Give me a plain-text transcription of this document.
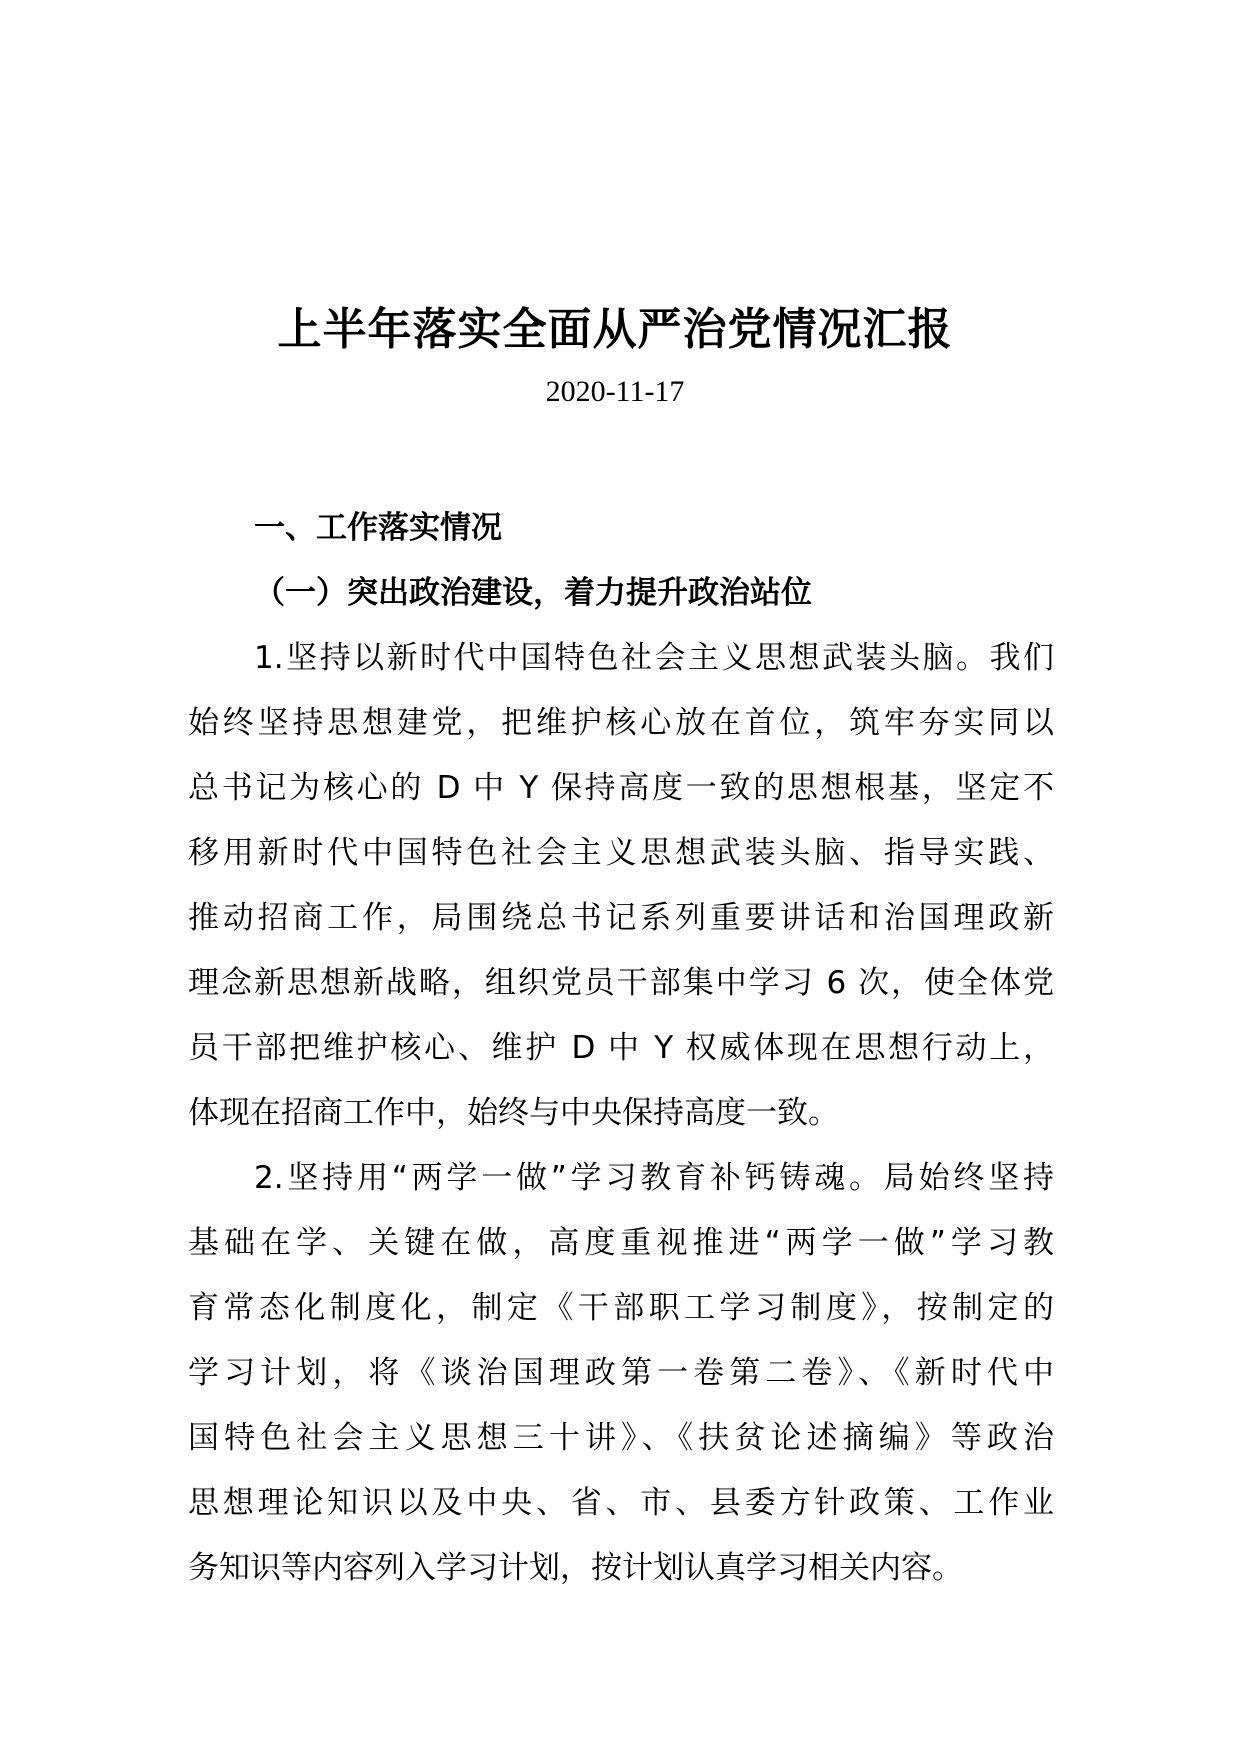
上半年落实全面从严治党情况汇报
2020-11-17
一、工作落实情况
（一）突出政治建设，着力提升政治站位

1.坚持以新时代中国特色社会主义思想武装头脑。我们
始终坚持思想建党，把维护核心放在首位，筑牢夯实同以
总书记为核心的 D 中 Y 保持高度一致的思想根基，坚定不
移用新时代中国特色社会主义思想武装头脑、指导实践、
推动招商工作，局围绕总书记系列重要讲话和治国理政新
理念新思想新战略，组织党员干部集中学习 6 次，使全体党
员干部把维护核心、维护 D 中 Y 权威体现在思想行动上，
体现在招商工作中，始终与中央保持高度一致。

2.坚持用“两学一做”学习教育补钙铸魂。局始终坚持
基础在学、关键在做，高度重视推进“两学一做”学习教
育常态化制度化，制定《干部职工学习制度》，按制定的
学习计划，将《谈治国理政第一卷第二卷》、《新时代中
国特色社会主义思想三十讲》、《扶贫论述摘编》等政治
思想理论知识以及中央、省、市、县委方针政策、工作业
务知识等内容列入学习计划，按计划认真学习相关内容。
